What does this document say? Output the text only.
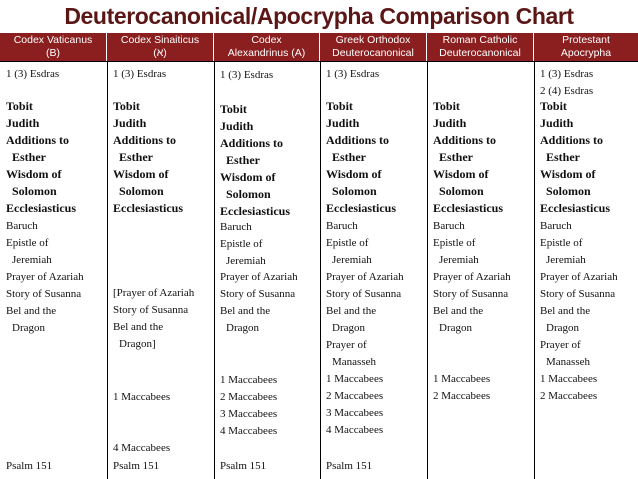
Deuterocanonical/Apocrypha Comparison Chart
Codex Vaticanus
(B)
Codex Sinaiticus
(א)
Codex
Alexandrinus (A)
Greek Orthodox
Deuterocanonical
Roman Catholic
Deuterocanonical
Protestant
Apocrypha
1 (3) Esdras
Tobit
Judith
Additions to
Esther
Wisdom of
Solomon
Ecclesiasticus
Baruch
Epistle of
Jeremiah
Prayer of Azariah
Story of Susanna
Bel and the
Dragon
Psalm 151
1 (3) Esdras
Tobit
Judith
Additions to
Esther
Wisdom of
Solomon
Ecclesiasticus
[Prayer of Azariah
Story of Susanna
Bel and the
Dragon]
1 Maccabees
4 Maccabees
Psalm 151
1 (3) Esdras
Tobit
Judith
Additions to
Esther
Wisdom of
Solomon
Ecclesiasticus
Baruch
Epistle of
Jeremiah
Prayer of Azariah
Story of Susanna
Bel and the
Dragon
1 Maccabees
2 Maccabees
3 Maccabees
4 Maccabees
Psalm 151
1 (3) Esdras
Tobit
Judith
Additions to
Esther
Wisdom of
Solomon
Ecclesiasticus
Baruch
Epistle of
Jeremiah
Prayer of Azariah
Story of Susanna
Bel and the
Dragon
Prayer of
Manasseh
1 Maccabees
2 Maccabees
3 Maccabees
4 Maccabees
Psalm 151
Tobit
Judith
Additions to
Esther
Wisdom of
Solomon
Ecclesiasticus
Baruch
Epistle of
Jeremiah
Prayer of Azariah
Story of Susanna
Bel and the
Dragon
1 Maccabees
2 Maccabees
1 (3) Esdras
2 (4) Esdras
Tobit
Judith
Additions to
Esther
Wisdom of
Solomon
Ecclesiasticus
Baruch
Epistle of
Jeremiah
Prayer of Azariah
Story of Susanna
Bel and the
Dragon
Prayer of
Manasseh
1 Maccabees
2 Maccabees
